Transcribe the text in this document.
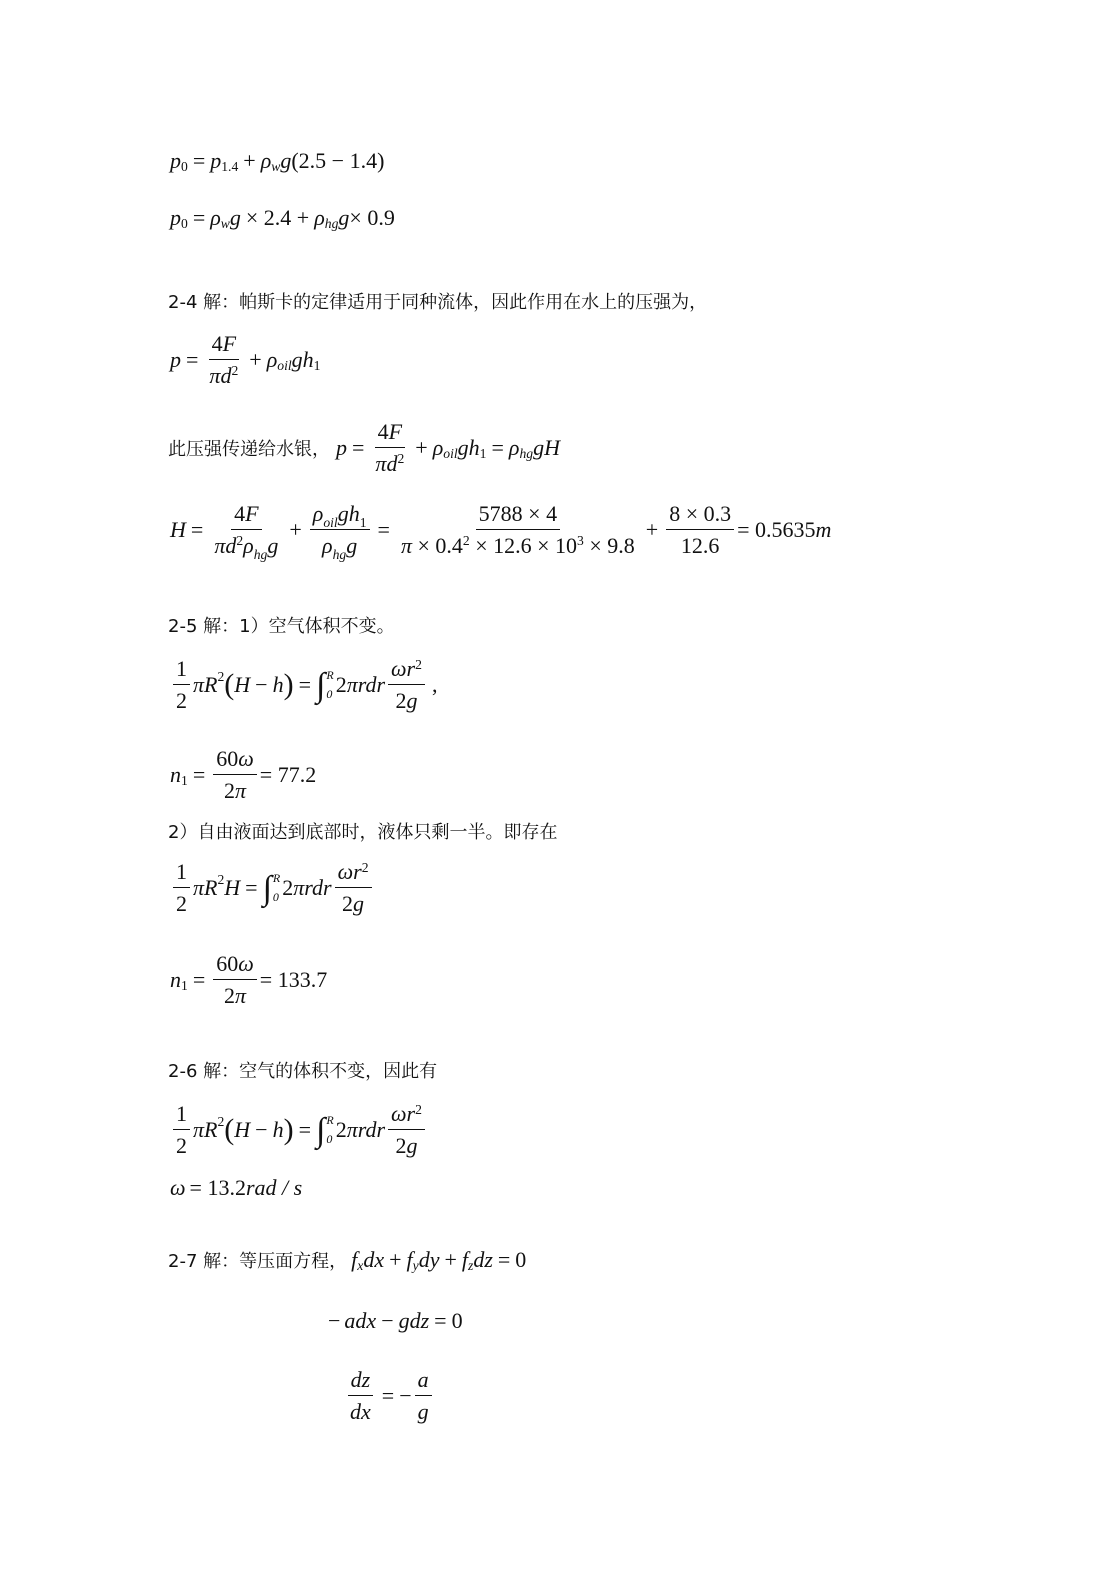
p 0 = p 1.4 + ρ w g (2.5 − 1.4)
p 0 = ρ w g × 2.4 + ρ hg g × 0.9
2-4 解：帕斯卡的定律适用于同种流体，因此作用在水上的压强为，
$p = \frac{4F}{\pi d2} + \rho$ oil gh 1
此压强传递给水银， $p = \frac{4F}{\pi d2} + \rho$ oil gh 1 = ρ hg gH
$H = \frac{4F}{\text{πd2ρhgg}} + \frac{\text{ρoilgh1}}{\text{ρhgg}} = \frac{5788 \times 4}{\pi \times 0.42 \times 12.6 \times 103 \times 9.8} + \frac{8 \times 0.3}{12.6} = 0.5635$ m
2-5 解：1）空气体积不变。
$\frac{1}{2}$ πR 2 ( H − h ) = ∫ R
0 2 πrdr $\frac{\omega r2}{2g}$ ,
n $1 = \frac{60\omega}{2\pi} = 77.2$
2）自由液面达到底部时，液体只剩一半。即存在
$\frac{1}{2}$ πR 2 H = ∫ R
0 2 πrdr $\frac{\omega r2}{2g}$
n $1 = \frac{60\omega}{2\pi} = 133.7$
2-6 解：空气的体积不变，因此有
$\frac{1}{2}$ πR 2 ( H − h ) = ∫ R
0 2 πrdr $\frac{\omega r2}{2g}$
ω = 13.2 rad / s
2-7 解：等压面方程， f x dx + f y dy + f z dz = 0
− adx − gdz = 0
$\frac{dz}{dx}$ = − $\frac{a}{g}$
